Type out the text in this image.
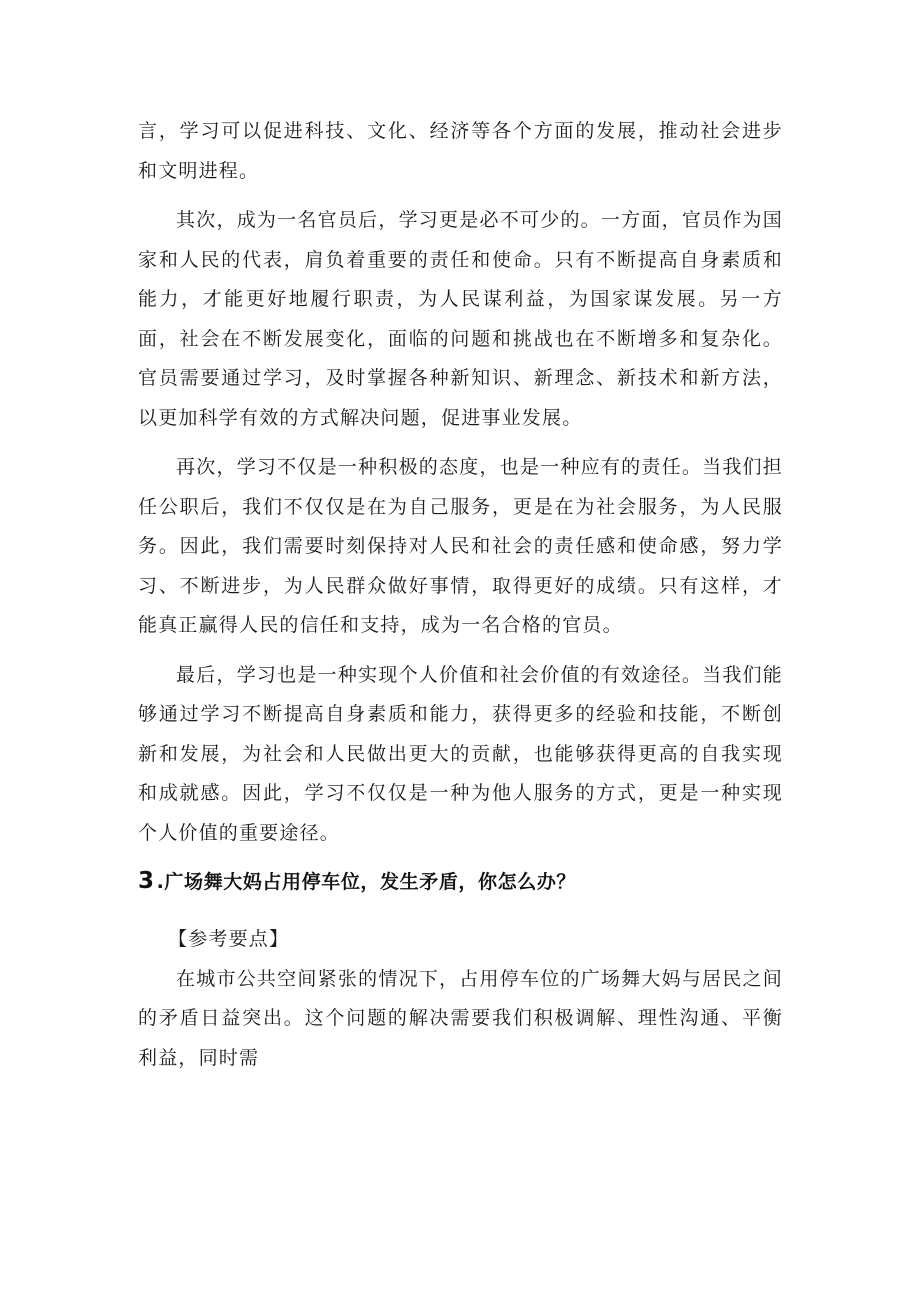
言，学习可以促进科技、文化、经济等各个方面的发展，推动社会进步和文明进程。

其次，成为一名官员后，学习更是必不可少的。一方面，官员作为国家和人民的代表，肩负着重要的责任和使命。只有不断提高自身素质和能力，才能更好地履行职责，为人民谋利益，为国家谋发展。另一方面，社会在不断发展变化，面临的问题和挑战也在不断增多和复杂化。官员需要通过学习，及时掌握各种新知识、新理念、新技术和新方法，以更加科学有效的方式解决问题，促进事业发展。

再次，学习不仅是一种积极的态度，也是一种应有的责任。当我们担任公职后，我们不仅仅是在为自己服务，更是在为社会服务，为人民服务。因此，我们需要时刻保持对人民和社会的责任感和使命感，努力学习、不断进步，为人民群众做好事情，取得更好的成绩。只有这样，才能真正赢得人民的信任和支持，成为一名合格的官员。

最后，学习也是一种实现个人价值和社会价值的有效途径。当我们能够通过学习不断提高自身素质和能力，获得更多的经验和技能，不断创新和发展，为社会和人民做出更大的贡献，也能够获得更高的自我实现和成就感。因此，学习不仅仅是一种为他人服务的方式，更是一种实现个人价值的重要途径。

3 .广场舞大妈占用停车位，发生矛盾，你怎么办？

【参考要点】

在城市公共空间紧张的情况下，占用停车位的广场舞大妈与居民之间的矛盾日益突出。这个问题的解决需要我们积极调解、理性沟通、平衡利益，同时需
